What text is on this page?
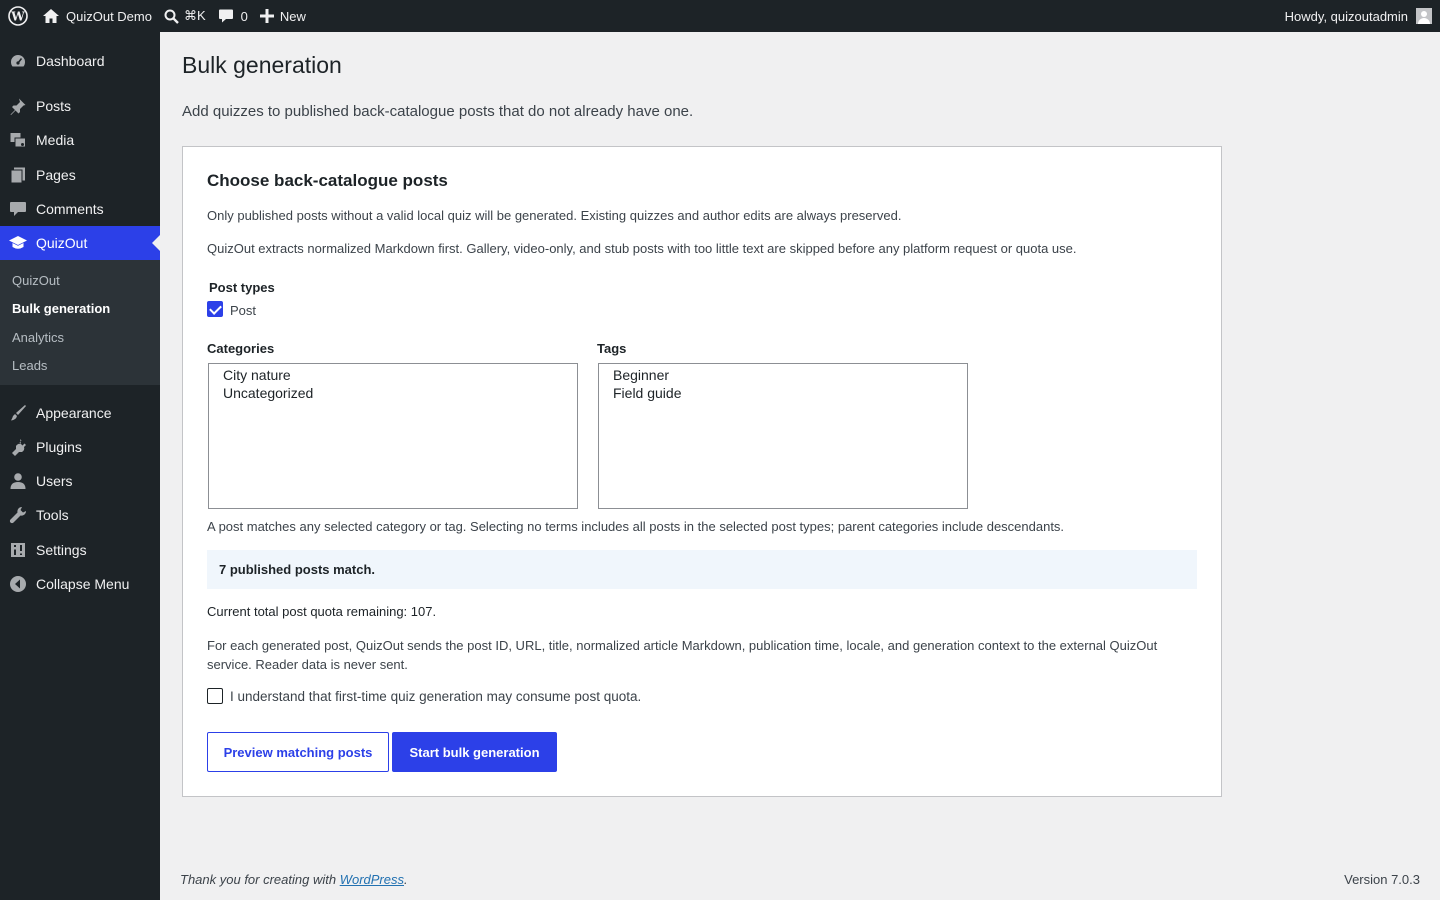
W	QuizOut Demo ⌘K	0 New	Howdy, quizoutadmin
Dashboard
Posts
Media
Pages
Comments
QuizOut
QuizOut
Bulk generation
Analytics
Leads
Appearance
Plugins
Users
Tools
Settings
Collapse Menu
Bulk generation

Add quizzes to published back-catalogue posts that do not already have one.

Choose back-catalogue posts

Only published posts without a valid local quiz will be generated. Existing quizzes and author edits are always preserved.

QuizOut extracts normalized Markdown first. Gallery, video-only, and stub posts with too little text are skipped before any platform request or quota use.

Post types
Post
Categories
City nature
Uncategorized
Tags
Beginner
Field guide

A post matches any selected category or tag. Selecting no terms includes all posts in the selected post types; parent categories include descendants.

7 published posts match.

Current total post quota remaining: 107.

For each generated post, QuizOut sends the post ID, URL, title, normalized article Markdown, publication time, locale, and generation context to the external QuizOut service. Reader data is never sent.

I understand that first-time quiz generation may consume post quota.
Preview matching posts	Start bulk generation
Thank you for creating with WordPress.	Version 7.0.3
